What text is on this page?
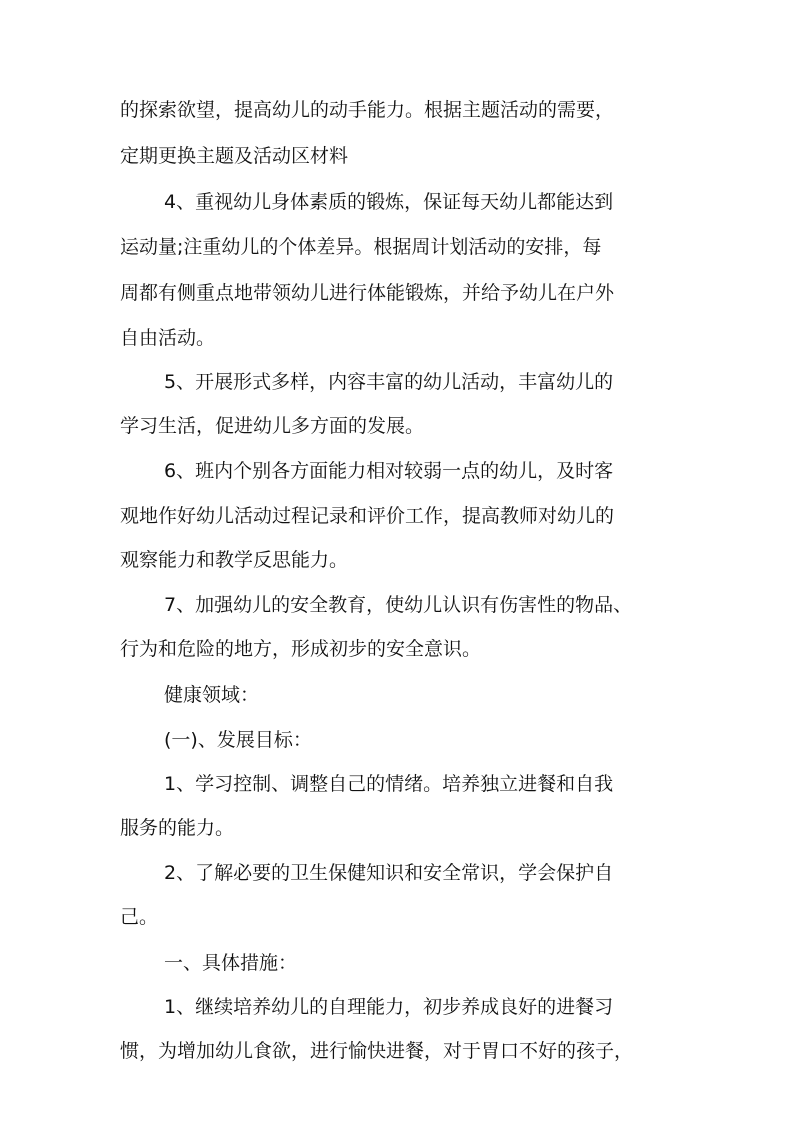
的探索欲望，提高幼儿的动手能力。根据主题活动的需要，
定期更换主题及活动区材料
4、重视幼儿身体素质的锻炼，保证每天幼儿都能达到
运动量;注重幼儿的个体差异。根据周计划活动的安排，每
周都有侧重点地带领幼儿进行体能锻炼，并给予幼儿在户外
自由活动。
5、开展形式多样，内容丰富的幼儿活动，丰富幼儿的
学习生活，促进幼儿多方面的发展。
6、班内个别各方面能力相对较弱一点的幼儿，及时客
观地作好幼儿活动过程记录和评价工作，提高教师对幼儿的
观察能力和教学反思能力。
7、加强幼儿的安全教育，使幼儿认识有伤害性的物品、
行为和危险的地方，形成初步的安全意识。
健康领域：
(一)、发展目标：
1、学习控制、调整自己的情绪。培养独立进餐和自我
服务的能力。
2、了解必要的卫生保健知识和安全常识，学会保护自
己。
一、具体措施：
1、继续培养幼儿的自理能力，初步养成良好的进餐习
惯，为增加幼儿食欲，进行愉快进餐，对于胃口不好的孩子，
